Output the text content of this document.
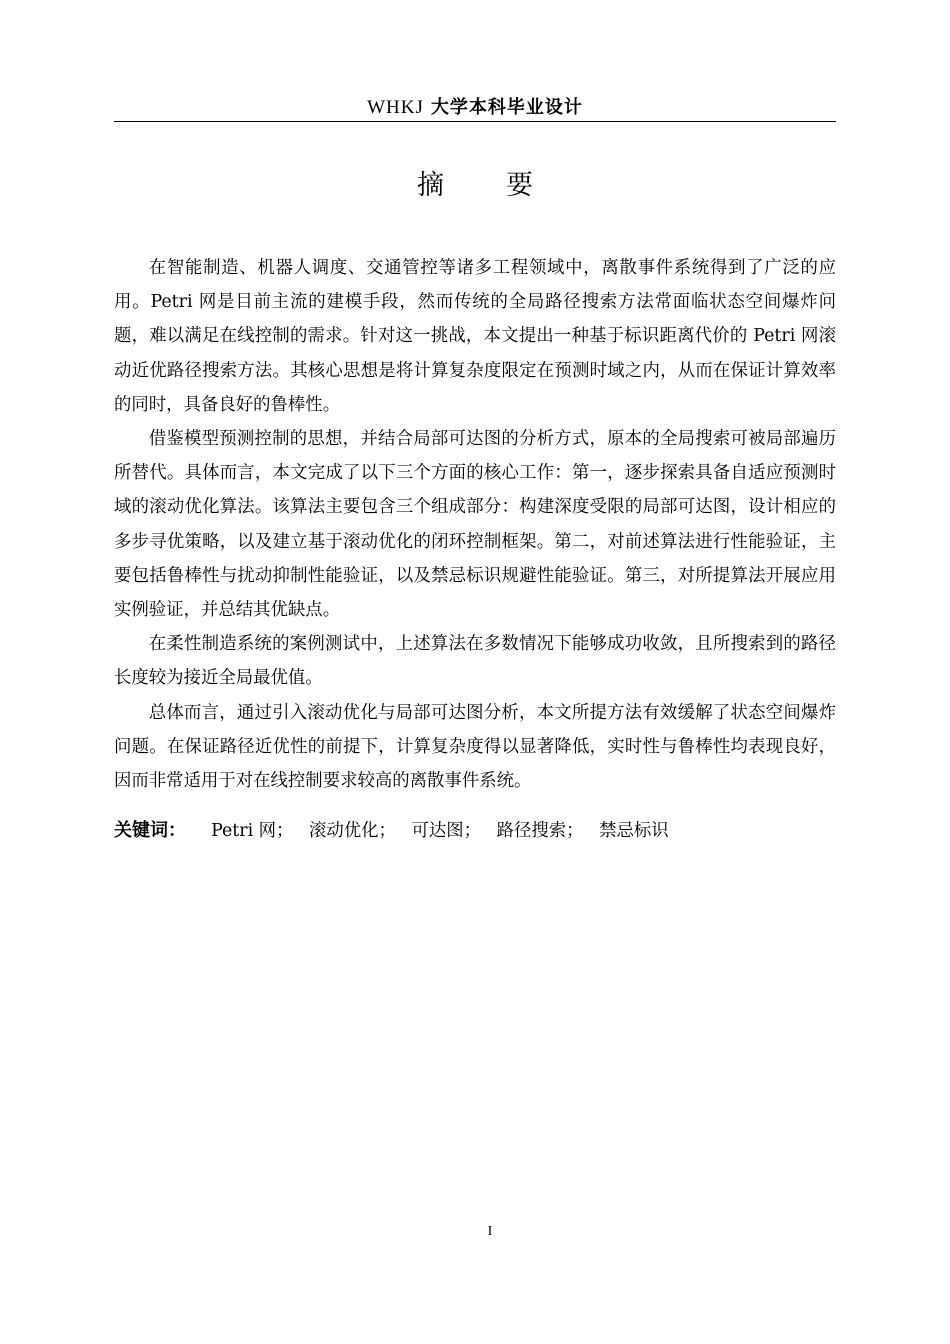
WHKJ 大学本科毕业设计
摘 要

在智能制造、机器人调度、交通管控等诸多工程领域中，离散事件系统得到了广泛的应用。Petri 网是目前主流的建模手段，然而传统的全局路径搜索方法常面临状态空间爆炸问题，难以满足在线控制的需求。针对这一挑战，本文提出一种基于标识距离代价的 Petri 网滚动近优路径搜索方法。其核心思想是将计算复杂度限定在预测时域之内，从而在保证计算效率的同时，具备良好的鲁棒性。

借鉴模型预测控制的思想，并结合局部可达图的分析方式，原本的全局搜索可被局部遍历所替代。具体而言，本文完成了以下三个方面的核心工作：第一，逐步探索具备自适应预测时域的滚动优化算法。该算法主要包含三个组成部分：构建深度受限的局部可达图，设计相应的多步寻优策略，以及建立基于滚动优化的闭环控制框架。第二，对前述算法进行性能验证，主要包括鲁棒性与扰动抑制性能验证，以及禁忌标识规避性能验证。第三，对所提算法开展应用实例验证，并总结其优缺点。

在柔性制造系统的案例测试中，上述算法在多数情况下能够成功收敛，且所搜索到的路径长度较为接近全局最优值。

总体而言，通过引入滚动优化与局部可达图分析，本文所提方法有效缓解了状态空间爆炸问题。在保证路径近优性的前提下，计算复杂度得以显著降低，实时性与鲁棒性均表现良好，因而非常适用于对在线控制要求较高的离散事件系统。

关键词： Petri 网； 滚动优化； 可达图； 路径搜索； 禁忌标识
I
